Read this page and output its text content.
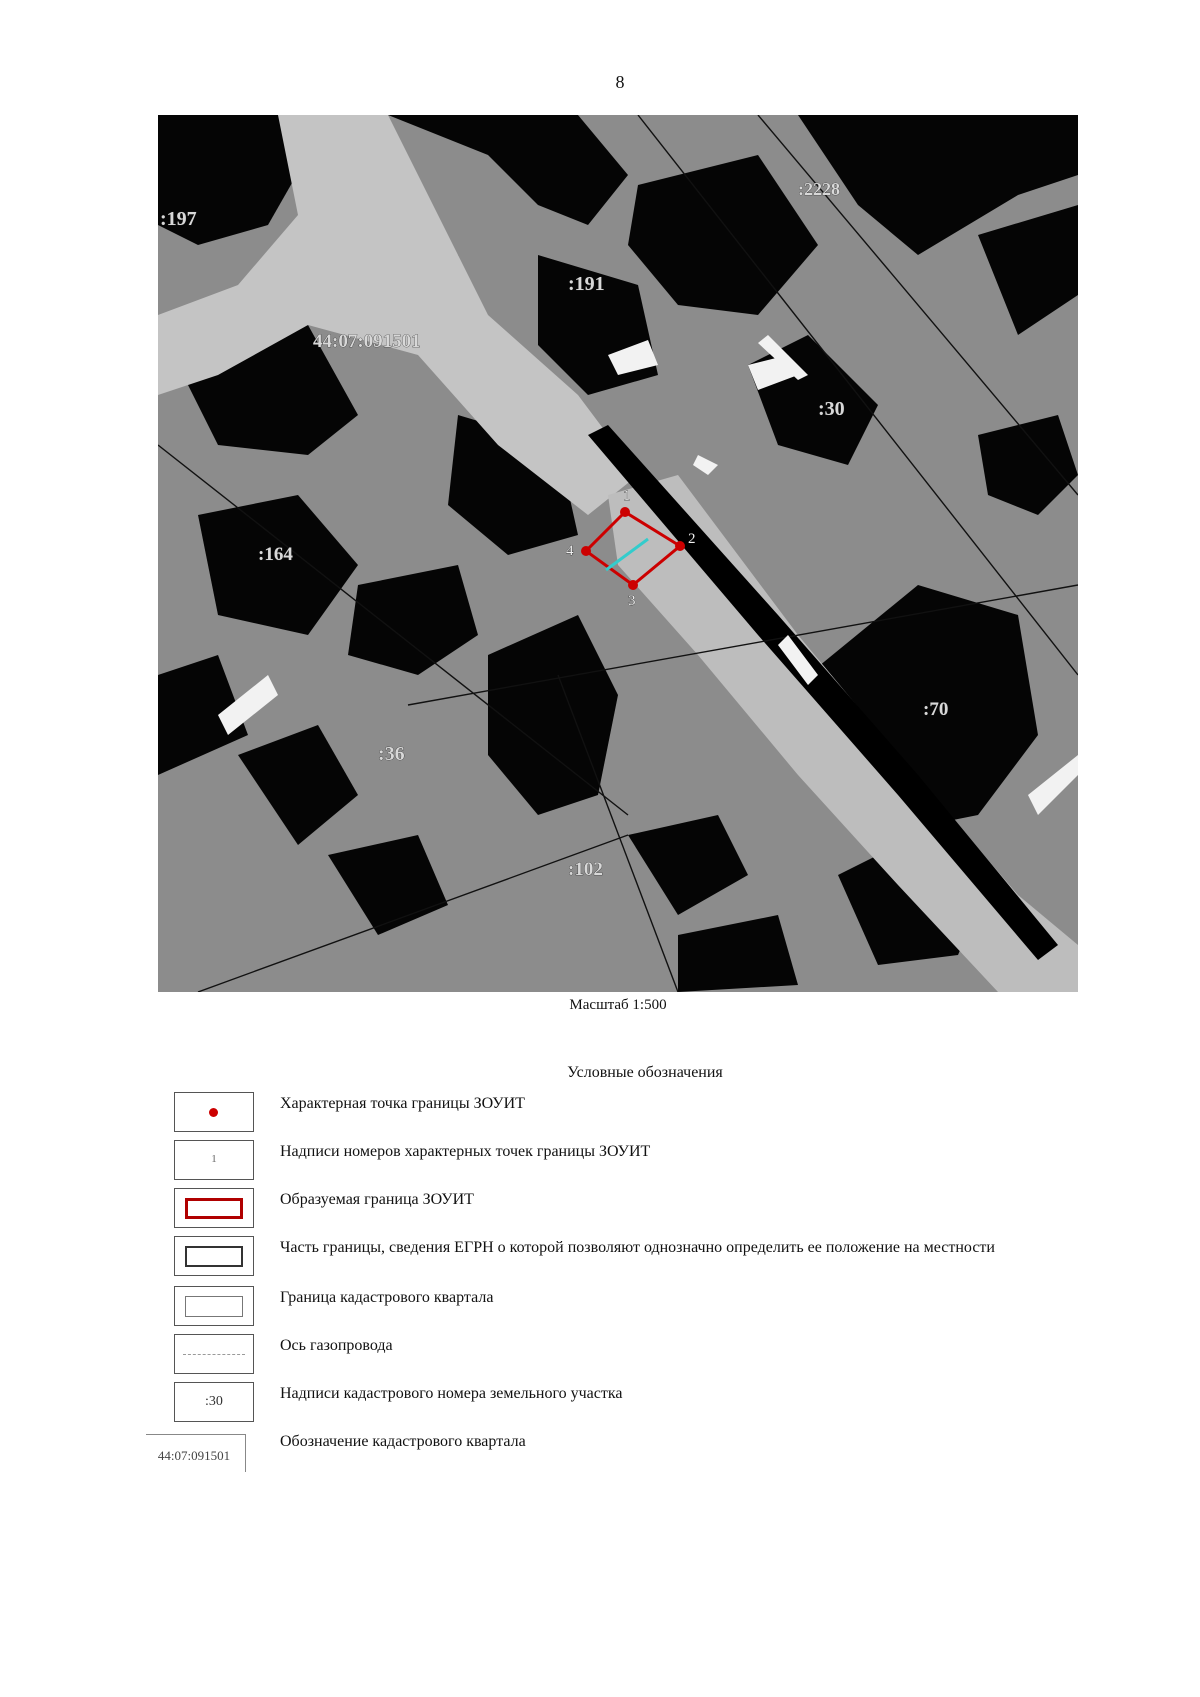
8
:197
:2228
:191
:30
:164
:70
:36
:102
44:07:091501
1
2
3
4
Масштаб 1:500
Условные обозначения
Характерная точка границы ЗОУИТ
1	Надписи номеров характерных точек границы ЗОУИТ
Образуемая граница ЗОУИТ
Часть границы, сведения ЕГРН о которой позволяют однозначно определить ее положение на местности
Граница кадастрового квартала
Ось газопровода
:30	Надписи кадастрового номера земельного участка
44:07:091501
Обозначение кадастрового квартала
